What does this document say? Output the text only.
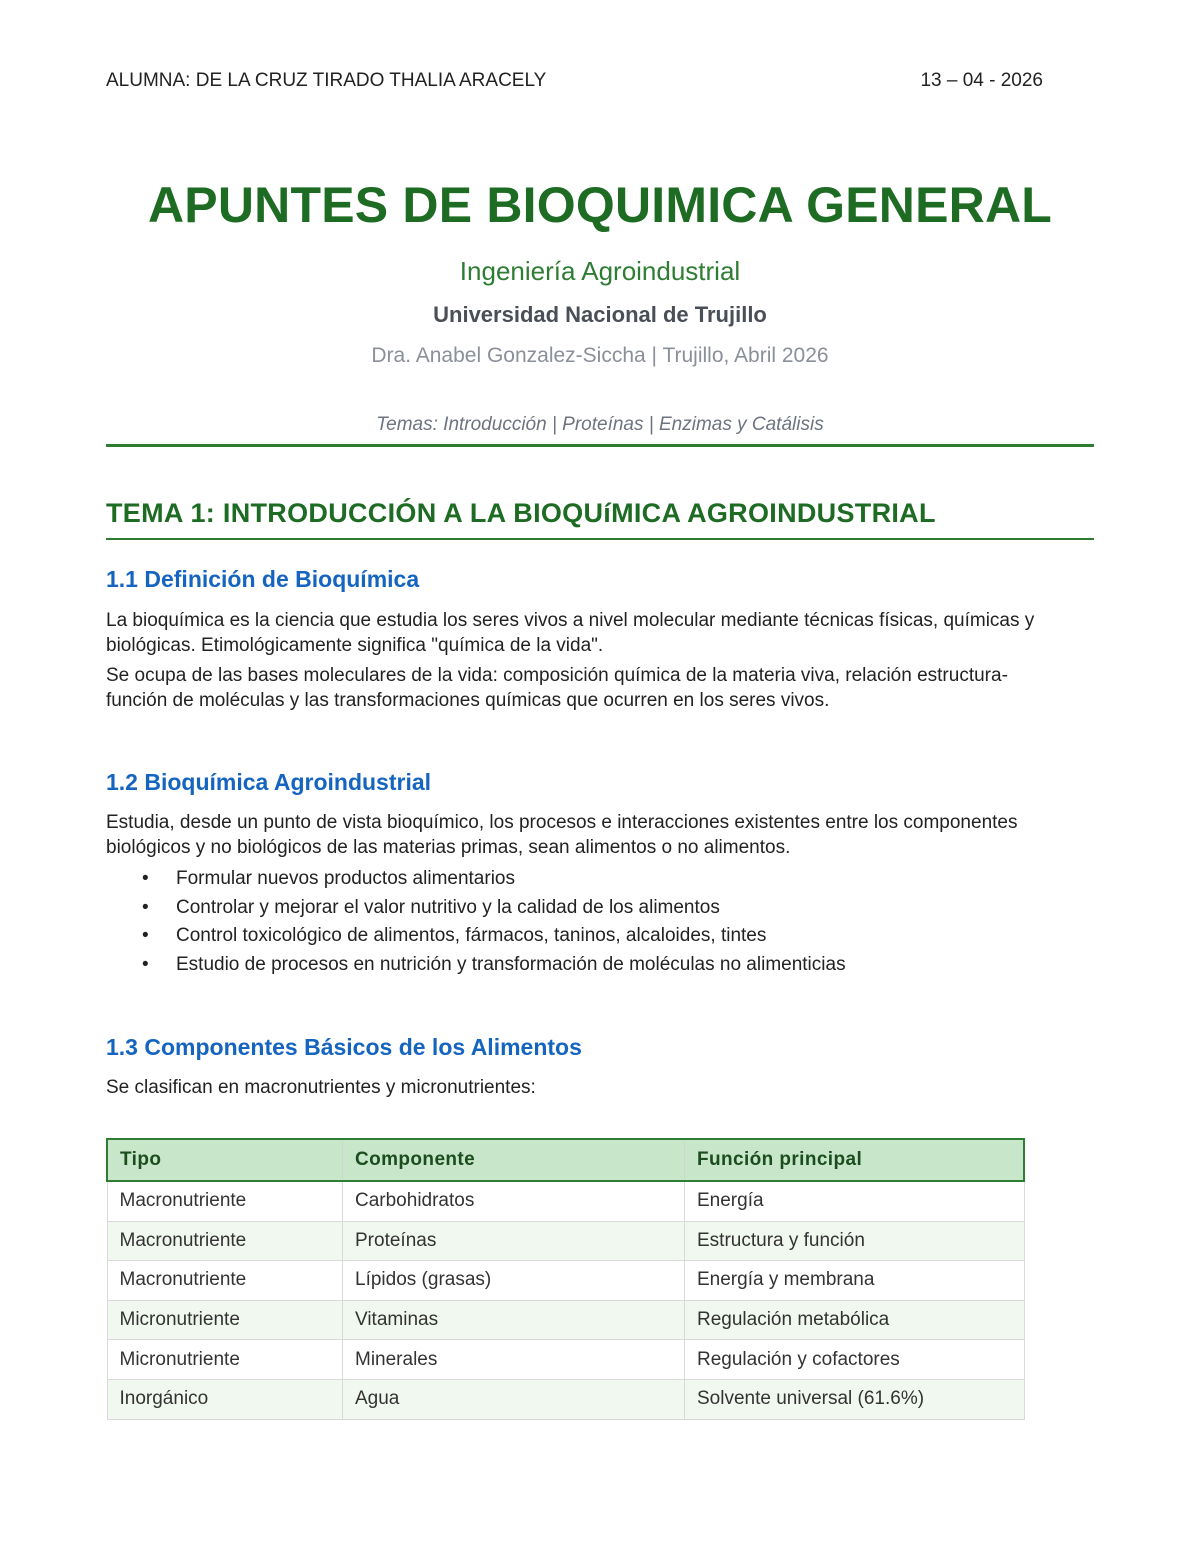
ALUMNA: DE LA CRUZ TIRADO THALIA ARACELY	13 – 04 - 2026
APUNTES DE BIOQUIMICA GENERAL
Ingeniería Agroindustrial
Universidad Nacional de Trujillo
Dra. Anabel Gonzalez-Siccha | Trujillo, Abril 2026
Temas: Introducción | Proteínas | Enzimas y Catálisis
TEMA 1: INTRODUCCIÓN A LA BIOQUíMICA AGROINDUSTRIAL
1.1 Definición de Bioquímica

La bioquímica es la ciencia que estudia los seres vivos a nivel molecular mediante técnicas físicas, químicas y biológicas. Etimológicamente significa "química de la vida".

Se ocupa de las bases moleculares de la vida: composición química de la materia viva, relación estructura-función de moléculas y las transformaciones químicas que ocurren en los seres vivos.

1.2 Bioquímica Agroindustrial

Estudia, desde un punto de vista bioquímico, los procesos e interacciones existentes entre los componentes biológicos y no biológicos de las materias primas, sean alimentos o no alimentos.

• Formular nuevos productos alimentarios
• Controlar y mejorar el valor nutritivo y la calidad de los alimentos
• Control toxicológico de alimentos, fármacos, taninos, alcaloides, tintes
• Estudio de procesos en nutrición y transformación de moléculas no alimenticias
1.3 Componentes Básicos de los Alimentos

Se clasifican en macronutrientes y micronutrientes:

Tipo	Componente	Función principal
Macronutriente	Carbohidratos	Energía
Macronutriente	Proteínas	Estructura y función
Macronutriente	Lípidos (grasas)	Energía y membrana
Micronutriente	Vitaminas	Regulación metabólica
Micronutriente	Minerales	Regulación y cofactores
Inorgánico	Agua	Solvente universal (61.6%)
